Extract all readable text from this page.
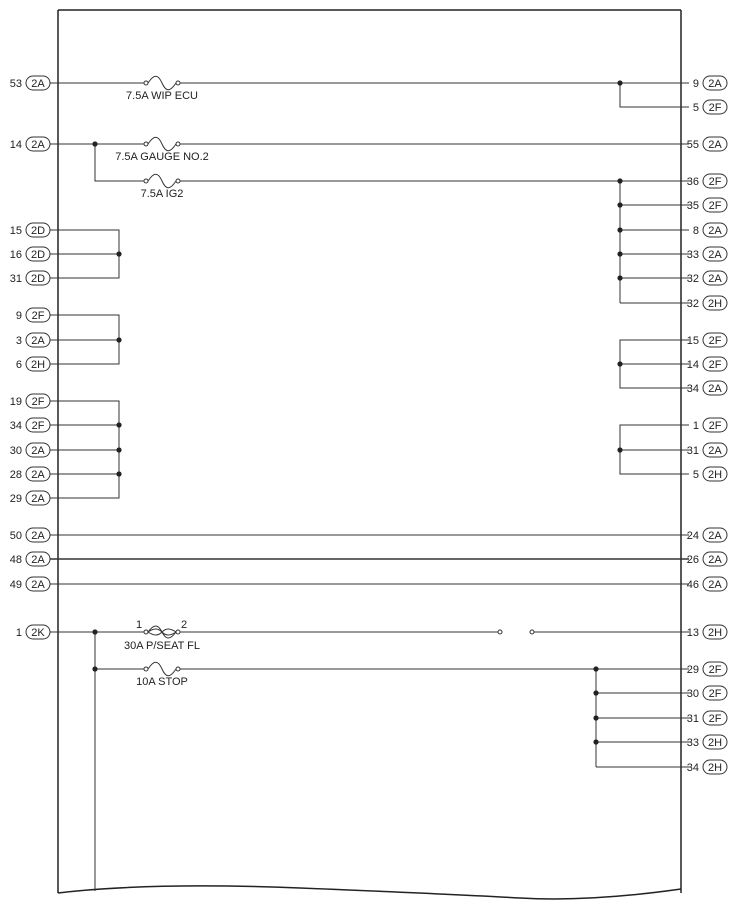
7.5A WIP ECU
7.5A GAUGE NO.2
7.5A IG2
1	2
30A P/SEAT FL
10A STOP
53 2A
14 2A
15 2D
16 2D
31 2D
9 2F
3 2A
6 2H
19 2F
34 2F
30 2A
28 2A
29 2A
50 2A
48 2A
49 2A
1 2K
9 2A
5 2F
55 2A
36 2F
35 2F
8 2A
33 2A
32 2A
32 2H
15 2F
14 2F
34 2A
1 2F
31 2A
5 2H
24 2A
26 2A
46 2A
13 2H
29 2F
30 2F
31 2F
33 2H
34 2H
